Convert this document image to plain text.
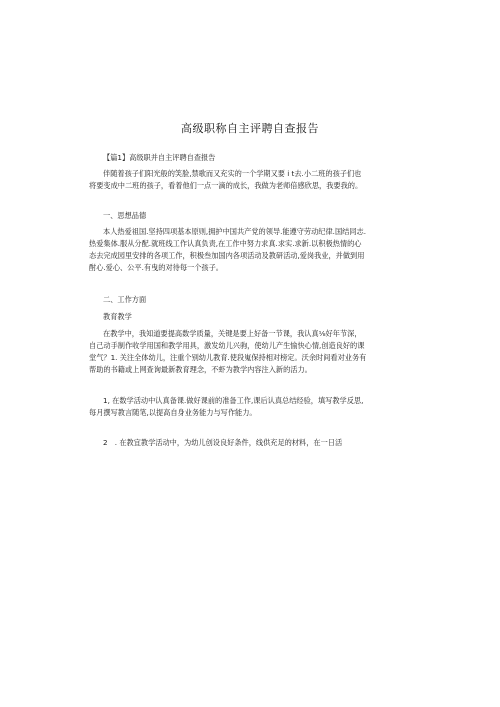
高级职称自主评聘自查报告
【篇1】高级职并自主评聘自查报告
伴随着孩子们阳光般的笑脸,禁歌而又充实的一个学期又要 i t去.小二班的孩子们也
将要变成中二班的孩子，看着他们一点一滴的成长，我做为老师倍感欣思，我要我的。
一、思想品德
本人热爱祖国.坚持四项基本原则,拥护中国共产党的领导.能遵守劳动纪律.国结同志.
热爱集体.服从分配.就班线工作认真负责,在工作中努力求真.求实.求新.以积极热情的心
态去完成园里安排的各项工作，积极叁加国内各项活动及教研活动,爱岗我业，并做到用
酎心.爱心、公平.有曳的对待每一个孩子。
二、工作方面
教育教学
在教学中，我知道要提高数学质量，关键是要上好备一节课，我认真⅛好年节深，
自己动手制作收学用国和教学用具，激发幼儿兴驹，使幼儿产生愉快心情,创造良好的课
堂气？1. 关注全体幼儿，注重个别幼儿教育.使段嵬保持相对榜定。沃余时间看对业务有
帮助的书籍或上网查询最新教育理念，不虾为教学内容注入新的活力。
1, 在数学活动中认真备课.做好课前的准备工作,课后认真总结经验，填写教学反思,
每月撰写教言随笔,以提高自身业务能力与写作能力。
2　. 在教宜教学活动中，为幼儿创设良好条件，线供充足的材料，在一日活
